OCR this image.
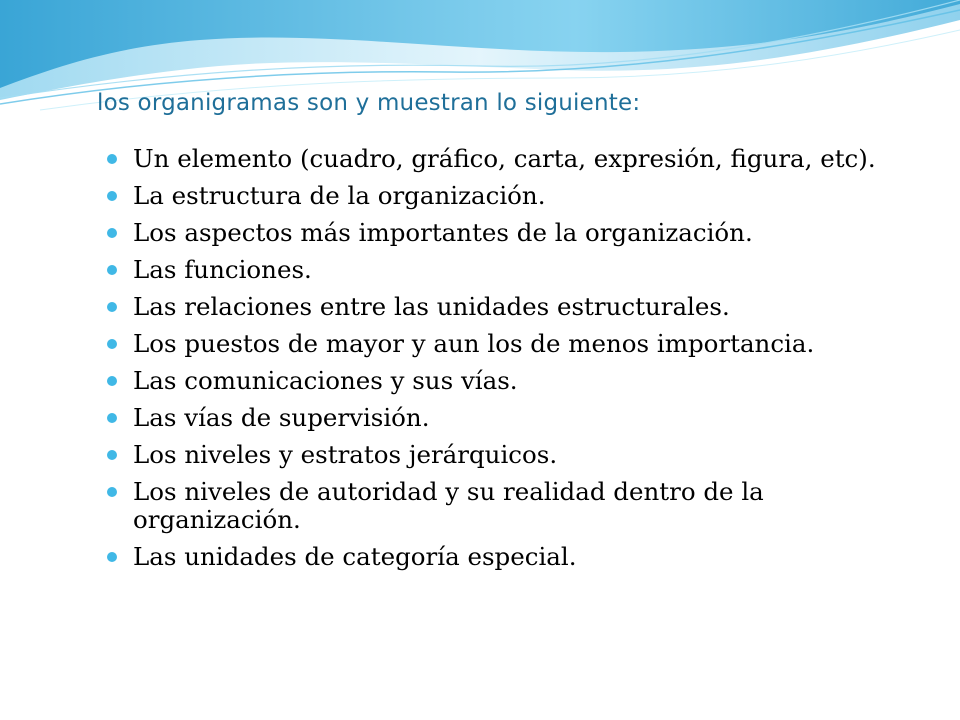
los organigramas son y muestran lo siguiente:
Un elemento (cuadro, gráfico, carta, expresión, figura, etc).
La estructura de la organización.
Los aspectos más importantes de la organización.
Las funciones.
Las relaciones entre las unidades estructurales.
Los puestos de mayor y aun los de menos importancia.
Las comunicaciones y sus vías.
Las vías de supervisión.
Los niveles y estratos jerárquicos.
Los niveles de autoridad y su realidad dentro de la organización.
Las unidades de categoría especial.
